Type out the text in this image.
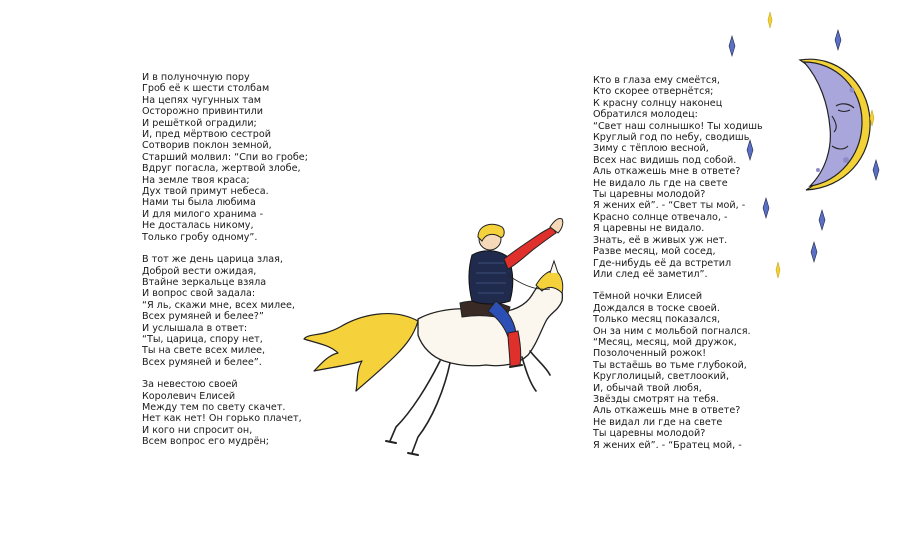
И в полуночную пору
Гроб её к шести столбам
На цепях чугунных там
Осторожно привинтили
И решёткой оградили;
И, пред мёртвою сестрой
Сотворив поклон земной,
Старший молвил: “Спи во гробе;
Вдруг погасла, жертвой злобе,
На земле твоя краса;
Дух твой примут небеса.
Нами ты была любима
И для милого хранима -
Не досталась никому,
Только гробу одному”.
В тот же день царица злая,
Доброй вести ожидая,
Втайне зеркальце взяла
И вопрос свой задала:
“Я ль, скажи мне, всех милее,
Всех румяней и белее?”
И услышала в ответ:
“Ты, царица, спору нет,
Ты на свете всех милее,
Всех румяней и белее”.
За невестою своей
Королевич Елисей
Между тем по свету скачет.
Нет как нет! Он горько плачет,
И кого ни спросит он,
Всем вопрос его мудрён;
Кто в глаза ему смеётся,
Кто скорее отвернётся;
К красну солнцу наконец
Обратился молодец:
“Свет наш солнышко! Ты ходишь
Круглый год по небу, сводишь
Зиму с тёплою весной,
Всех нас видишь под собой.
Аль откажешь мне в ответе?
Не видало ль где на свете
Ты царевны молодой?
Я жених ей”. - “Свет ты мой, -
Красно солнце отвечало, -
Я царевны не видало.
Знать, её в живых уж нет.
Разве месяц, мой сосед,
Где-нибудь её да встретил
Или след её заметил”.
Тёмной ночки Елисей
Дождался в тоске своей.
Только месяц показался,
Он за ним с мольбой погнался.
“Месяц, месяц, мой дружок,
Позолоченный рожок!
Ты встаёшь во тьме глубокой,
Круглолицый, светлоокий,
И, обычай твой любя,
Звёзды смотрят на тебя.
Аль откажешь мне в ответе?
Не видал ли где на свете
Ты царевны молодой?
Я жених ей”. - “Братец мой, -
